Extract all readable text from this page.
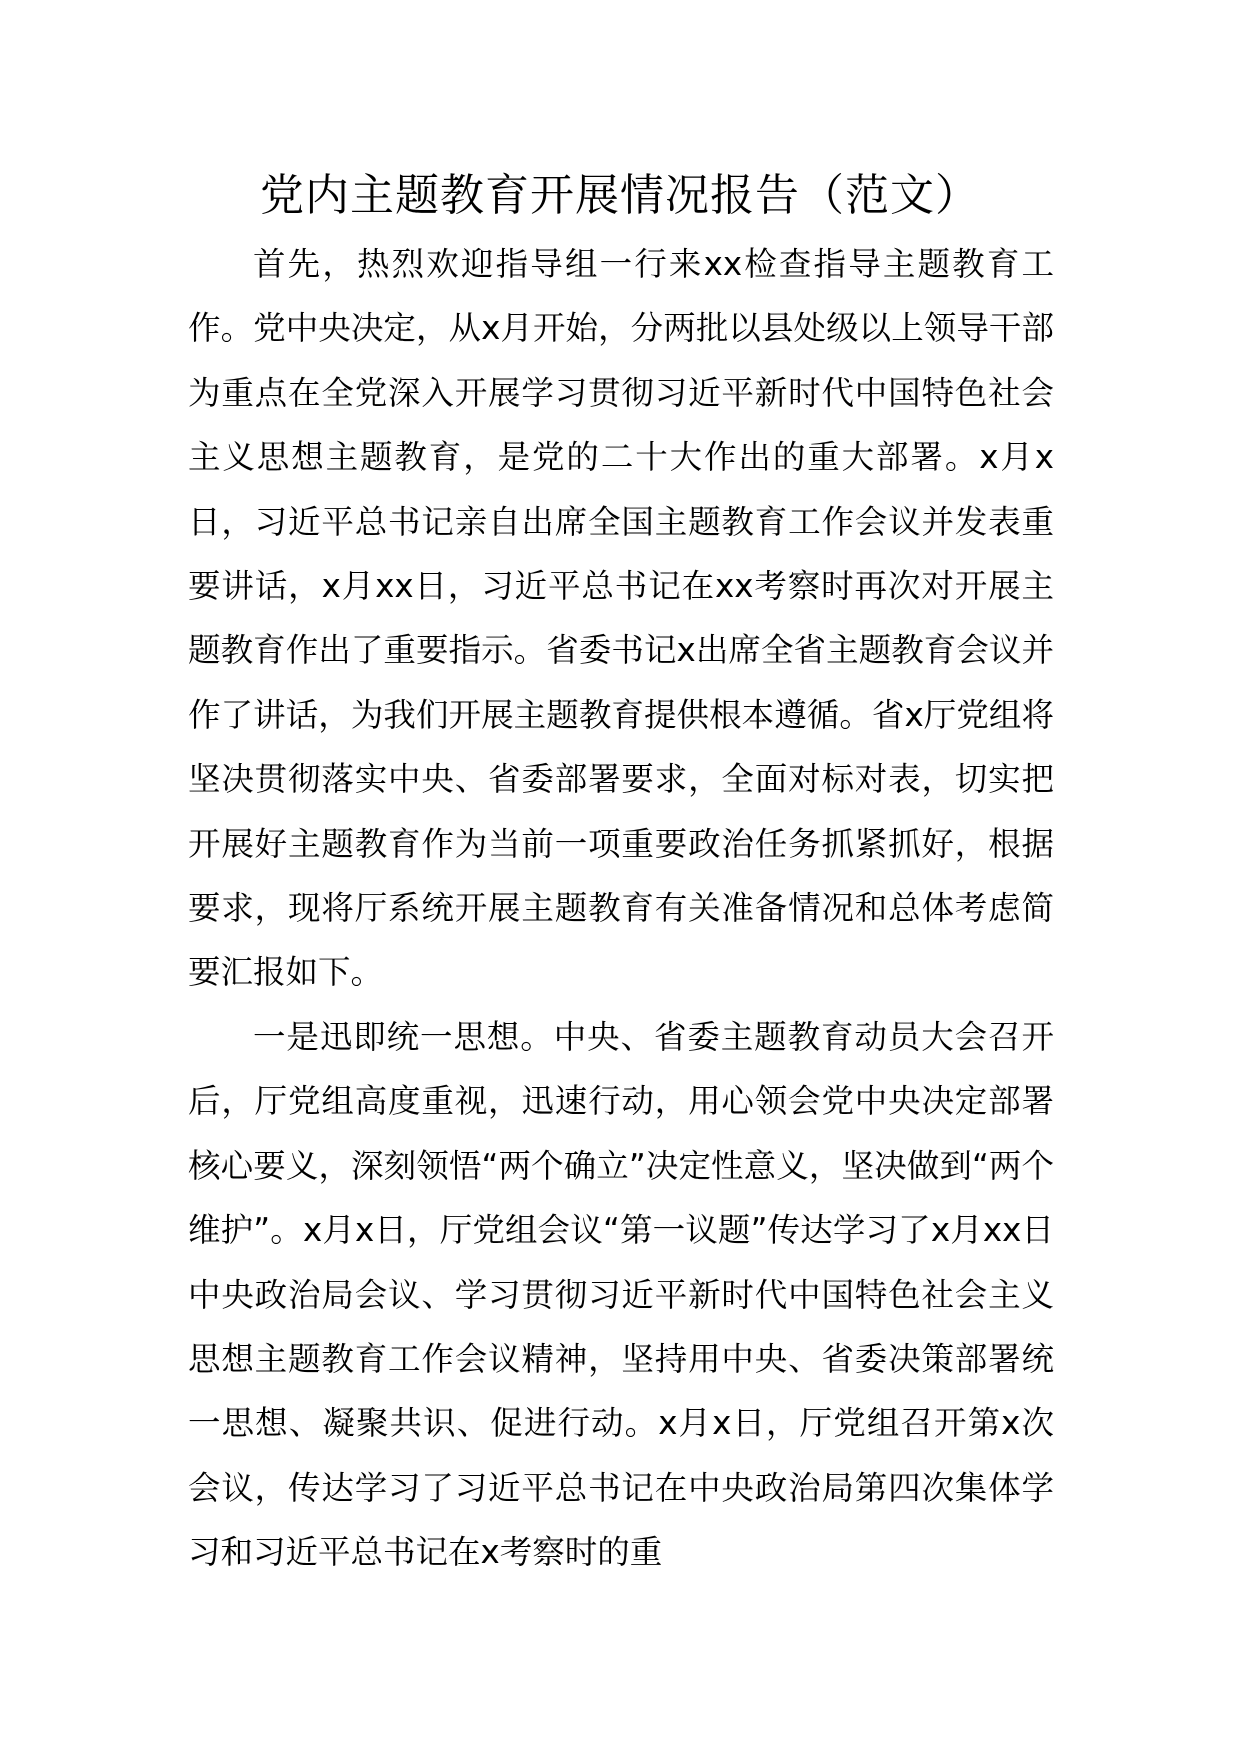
党内主题教育开展情况报告（范文）

首先，热烈欢迎指导组一行来xx检查指导主题教育工作。党中央决定，从x月开始，分两批以县处级以上领导干部为重点在全党深入开展学习贯彻习近平新时代中国特色社会主义思想主题教育，是党的二十大作出的重大部署。x月x日，习近平总书记亲自出席全国主题教育工作会议并发表重要讲话，x月xx日，习近平总书记在xx考察时再次对开展主题教育作出了重要指示。省委书记x出席全省主题教育会议并作了讲话，为我们开展主题教育提供根本遵循。省x厅党组将坚决贯彻落实中央、省委部署要求，全面对标对表，切实把开展好主题教育作为当前一项重要政治任务抓紧抓好，根据要求，现将厅系统开展主题教育有关准备情况和总体考虑简要汇报如下。

一是迅即统一思想。中央、省委主题教育动员大会召开后，厅党组高度重视，迅速行动，用心领会党中央决定部署核心要义，深刻领悟“两个确立”决定性意义，坚决做到“两个维护”。x月x日，厅党组会议“第一议题”传达学习了x月xx日中央政治局会议、学习贯彻习近平新时代中国特色社会主义思想主题教育工作会议精神，坚持用中央、省委决策部署统一思想、凝聚共识、促进行动。x月x日，厅党组召开第x次会议，传达学习了习近平总书记在中央政治局第四次集体学习和习近平总书记在x考察时的重
